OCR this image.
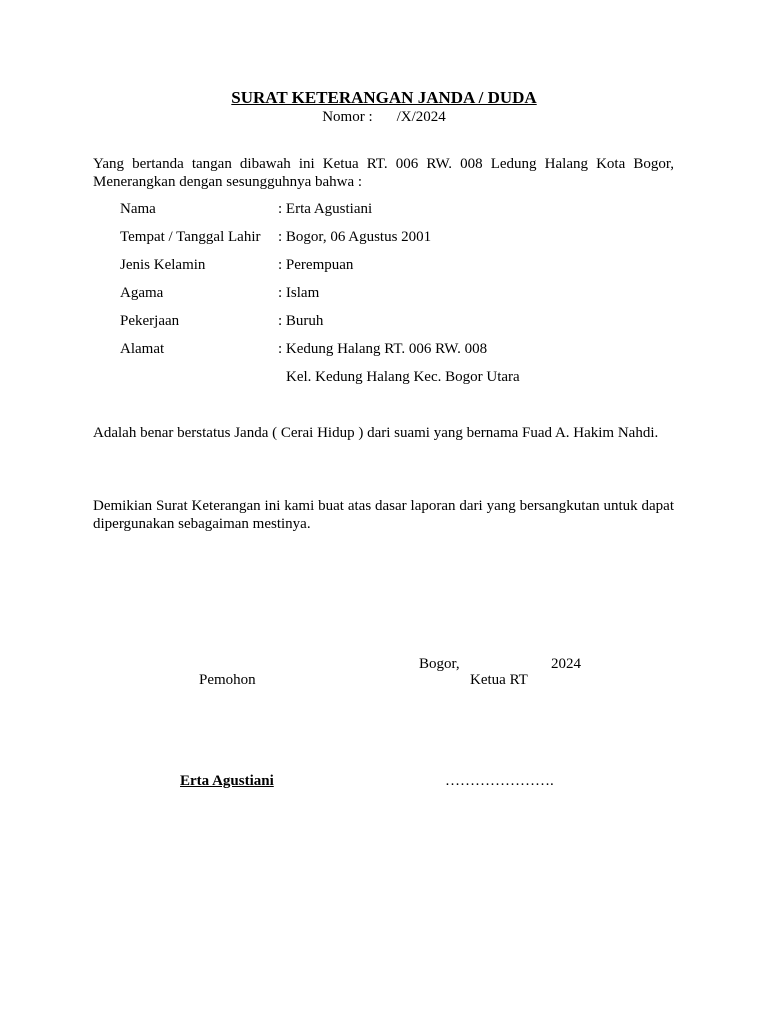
SURAT KETERANGAN JANDA / DUDA
Nomor : /X/2024
Yang bertanda tangan dibawah ini Ketua RT. 006 RW. 008 Ledung Halang Kota Bogor, Menerangkan dengan sesungguhnya bahwa :
Nama	: Erta Agustiani
Tempat / Tanggal Lahir : Bogor, 06 Agustus 2001
Jenis Kelamin	: Perempuan
Agama	: Islam
Pekerjaan	: Buruh
Alamat	: Kedung Halang RT. 006 RW. 008
Kel. Kedung Halang Kec. Bogor Utara
Adalah benar berstatus Janda ( Cerai Hidup ) dari suami yang bernama Fuad A. Hakim Nahdi.
Demikian Surat Keterangan ini kami buat atas dasar laporan dari yang bersangkutan untuk dapat dipergunakan sebagaiman mestinya.
Bogor,	2024
Pemohon	Ketua RT
Erta Agustiani	………………….
